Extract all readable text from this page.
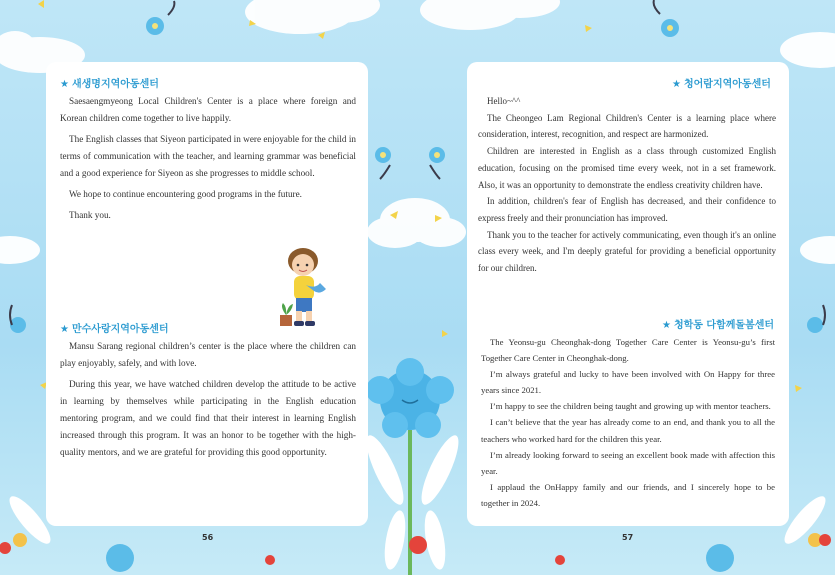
★ 새생명지역아동센터

Saesaengmyeong Local Children's Center is a place where foreign and Korean children come together to live happily.

The English classes that Siyeon participated in were enjoyable for the child in terms of communication with the teacher, and learning grammar was beneficial and a good experience for Siyeon as she progresses to middle school.

We hope to continue encountering good programs in the future.

Thank you.

★ 만수사랑지역아동센터

Mansu Sarang regional children’s center is the place where the children can play enjoyably, safely, and with love.

During this year, we have watched children develop the attitude to be active in learning by themselves while participating in the English education mentoring program, and we could find that their interest in learning English increased through this program. It was an honor to be together with the high-quality mentors, and we are grateful for providing this good opportunity.

56
★ 청어람지역아동센터

Hello~^^

The Cheongeo Lam Regional Children's Center is a learning place where consideration, interest, recognition, and respect are harmonized.

Children are interested in English as a class through customized English education, focusing on the promised time every week, not in a set framework. Also, it was an opportunity to demonstrate the endless creativity children have.

In addition, children's fear of English has decreased, and their confidence to express freely and their pronunciation has improved.

Thank you to the teacher for actively communicating, even though it's an online class every week, and I'm deeply grateful for providing a beneficial opportunity for our children.

★ 청학동 다함께돌봄센터

The Yeonsu-gu Cheonghak-dong Together Care Center is Yeonsu-gu’s first Together Care Center in Cheonghak-dong.

I’m always grateful and lucky to have been involved with On Happy for three years since 2021.

I’m happy to see the children being taught and growing up with mentor teachers.

I can’t believe that the year has already come to an end, and thank you to all the teachers who worked hard for the children this year.

I’m already looking forward to seeing an excellent book made with affection this year.

I applaud the OnHappy family and our friends, and I sincerely hope to be together in 2024.

57
